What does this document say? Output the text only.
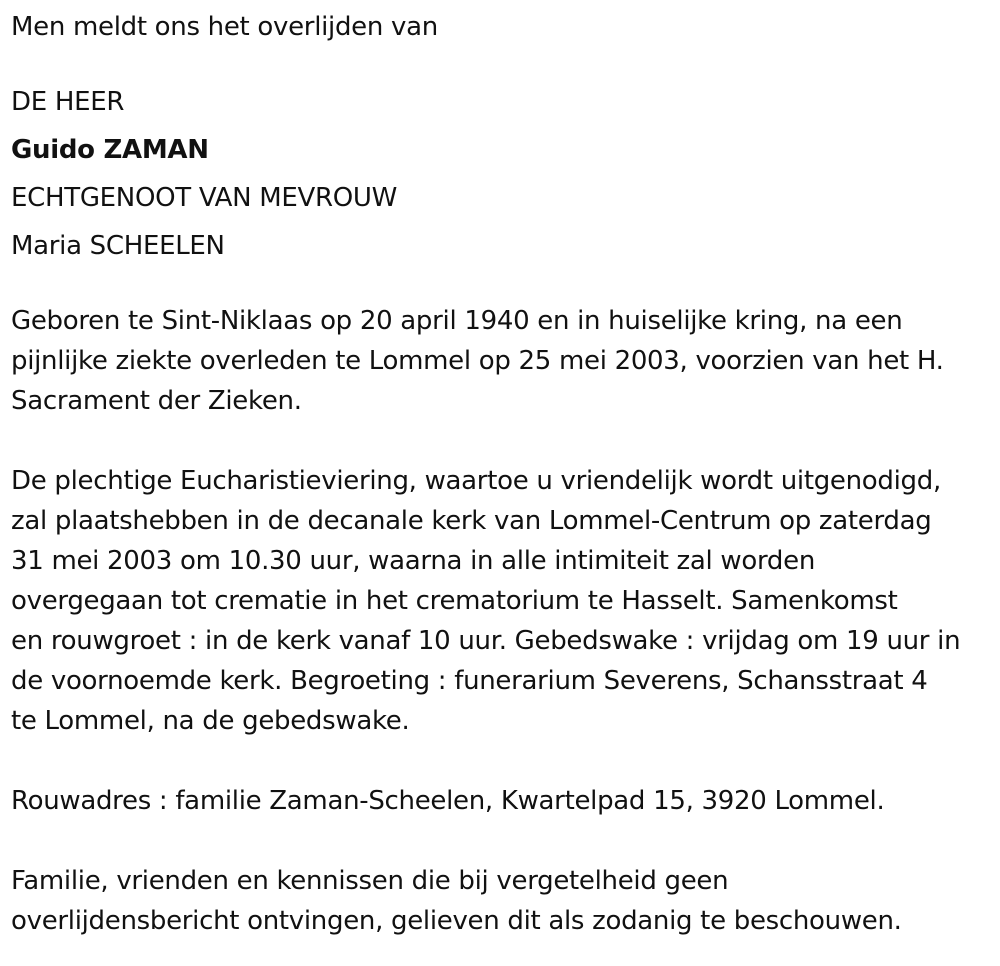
Men meldt ons het overlijden van
DE HEER
Guido ZAMAN
ECHTGENOOT VAN MEVROUW
Maria SCHEELEN
Geboren te Sint-Niklaas op 20 april 1940 en in huiselijke kring, na een
pijnlijke ziekte overleden te Lommel op 25 mei 2003, voorzien van het H.
Sacrament der Zieken.
De plechtige Eucharistieviering, waartoe u vriendelijk wordt uitgenodigd,
zal plaatshebben in de decanale kerk van Lommel-Centrum op zaterdag
31 mei 2003 om 10.30 uur, waarna in alle intimiteit zal worden
overgegaan tot crematie in het crematorium te Hasselt. Samenkomst
en rouwgroet : in de kerk vanaf 10 uur. Gebedswake : vrijdag om 19 uur in
de voornoemde kerk. Begroeting : funerarium Severens, Schansstraat 4
te Lommel, na de gebedswake.
Rouwadres : familie Zaman-Scheelen, Kwartelpad 15, 3920 Lommel.
Familie, vrienden en kennissen die bij vergetelheid geen
overlijdensbericht ontvingen, gelieven dit als zodanig te beschouwen.
